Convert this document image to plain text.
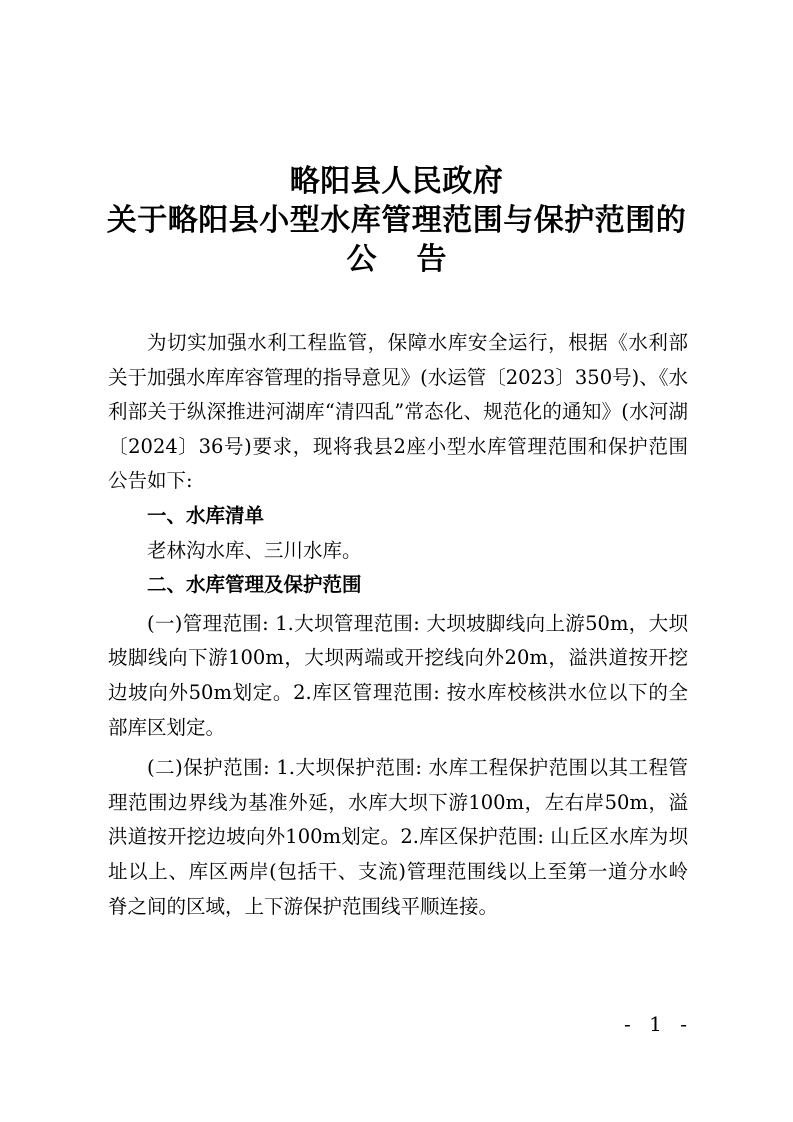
略阳县人民政府
关于略阳县小型水库管理范围与保护范围的
公 告

为切实加强水利工程监管，保障水库安全运行，根据《水利部关于加强水库库容管理的指导意见》(水运管〔2023〕350号)、《水利部关于纵深推进河湖库“清四乱”常态化、规范化的通知》(水河湖〔2024〕36号)要求，现将我县2座小型水库管理范围和保护范围公告如下:

一、水库清单

老林沟水库、三川水库。

二、水库管理及保护范围

(一)管理范围: 1.大坝管理范围: 大坝坡脚线向上游50m，大坝坡脚线向下游100m，大坝两端或开挖线向外20m，溢洪道按开挖边坡向外50m划定。2.库区管理范围: 按水库校核洪水位以下的全部库区划定。

(二)保护范围: 1.大坝保护范围: 水库工程保护范围以其工程管理范围边界线为基准外延，水库大坝下游100m，左右岸50m，溢洪道按开挖边坡向外100m划定。2.库区保护范围: 山丘区水库为坝址以上、库区两岸(包括干、支流)管理范围线以上至第一道分水岭脊之间的区域，上下游保护范围线平顺连接。

- 1 -
